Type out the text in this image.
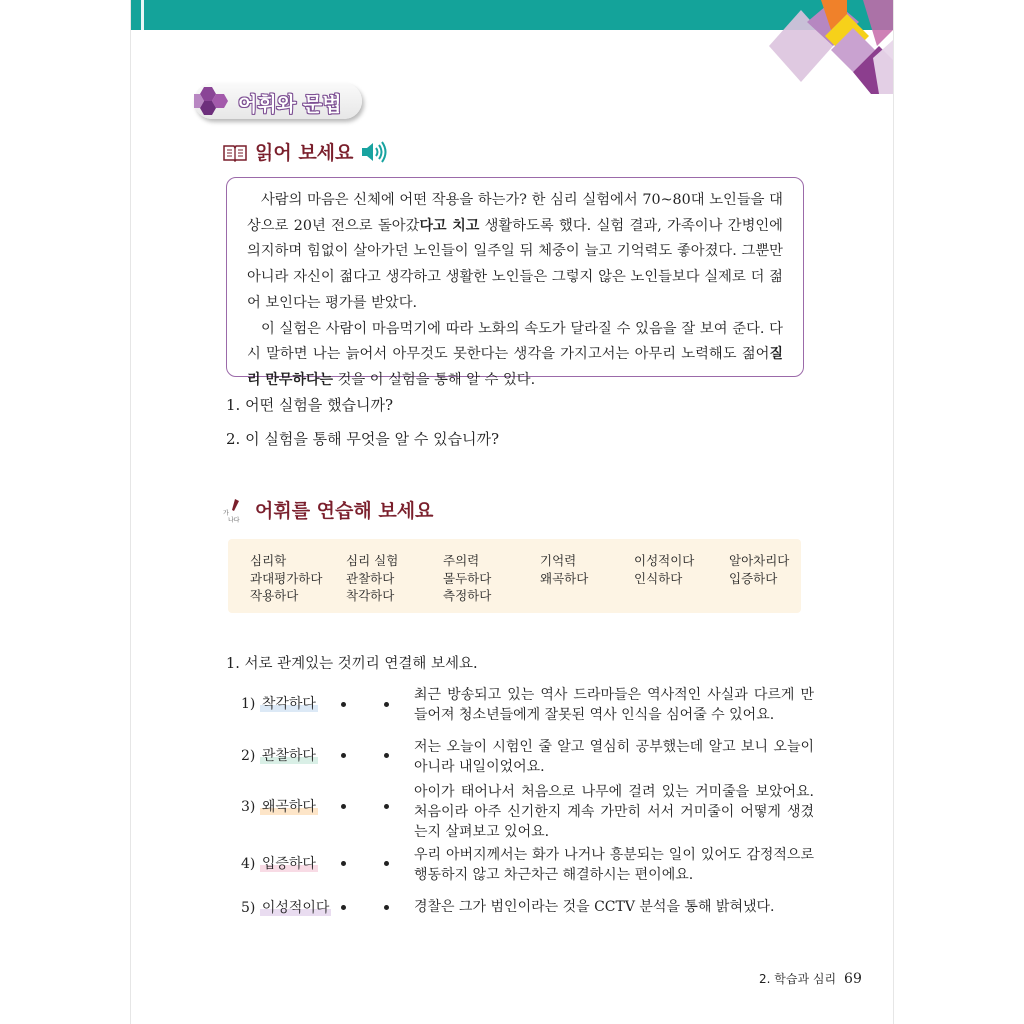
어휘와 문법
읽어 보세요

사람의 마음은 신체에 어떤 작용을 하는가? 한 심리 실험에서 70~80대 노인들을 대상으로 20년 전으로 돌아갔다고 치고 생활하도록 했다. 실험 결과, 가족이나 간병인에 의지하며 힘없이 살아가던 노인들이 일주일 뒤 체중이 늘고 기억력도 좋아졌다. 그뿐만 아니라 자신이 젊다고 생각하고 생활한 노인들은 그렇지 않은 노인들보다 실제로 더 젊어 보인다는 평가를 받았다.

이 실험은 사람이 마음먹기에 따라 노화의 속도가 달라질 수 있음을 잘 보여 준다. 다시 말하면 나는 늙어서 아무것도 못한다는 생각을 가지고서는 아무리 노력해도 젊어질 리 만무하다는 것을 이 실험을 통해 알 수 있다.

1. 어떤 실험을 했습니까?
2. 이 실험을 통해 무엇을 알 수 있습니까?
가
나다 어휘를 연습해 보세요
심리학
과대평가하다
작용하다
심리 실험
관찰하다
착각하다
주의력
몰두하다
측정하다
기억력
왜곡하다
이성적이다
인식하다
알아차리다
입증하다
1. 서로 관계있는 것끼리 연결해 보세요.
1) 착각하다
최근 방송되고 있는 역사 드라마들은 역사적인 사실과 다르게 만들어져 청소년들에게 잘못된 역사 인식을 심어줄 수 있어요.
2) 관찰하다
저는 오늘이 시험인 줄 알고 열심히 공부했는데 알고 보니 오늘이 아니라 내일이었어요.
3) 왜곡하다
아이가 태어나서 처음으로 나무에 걸려 있는 거미줄을 보았어요. 처음이라 아주 신기한지 계속 가만히 서서 거미줄이 어떻게 생겼는지 살펴보고 있어요.
4) 입증하다
우리 아버지께서는 화가 나거나 흥분되는 일이 있어도 감정적으로 행동하지 않고 차근차근 해결하시는 편이에요.
5) 이성적이다	경찰은 그가 범인이라는 것을 CCTV 분석을 통해 밝혀냈다.
2. 학습과 심리 69
